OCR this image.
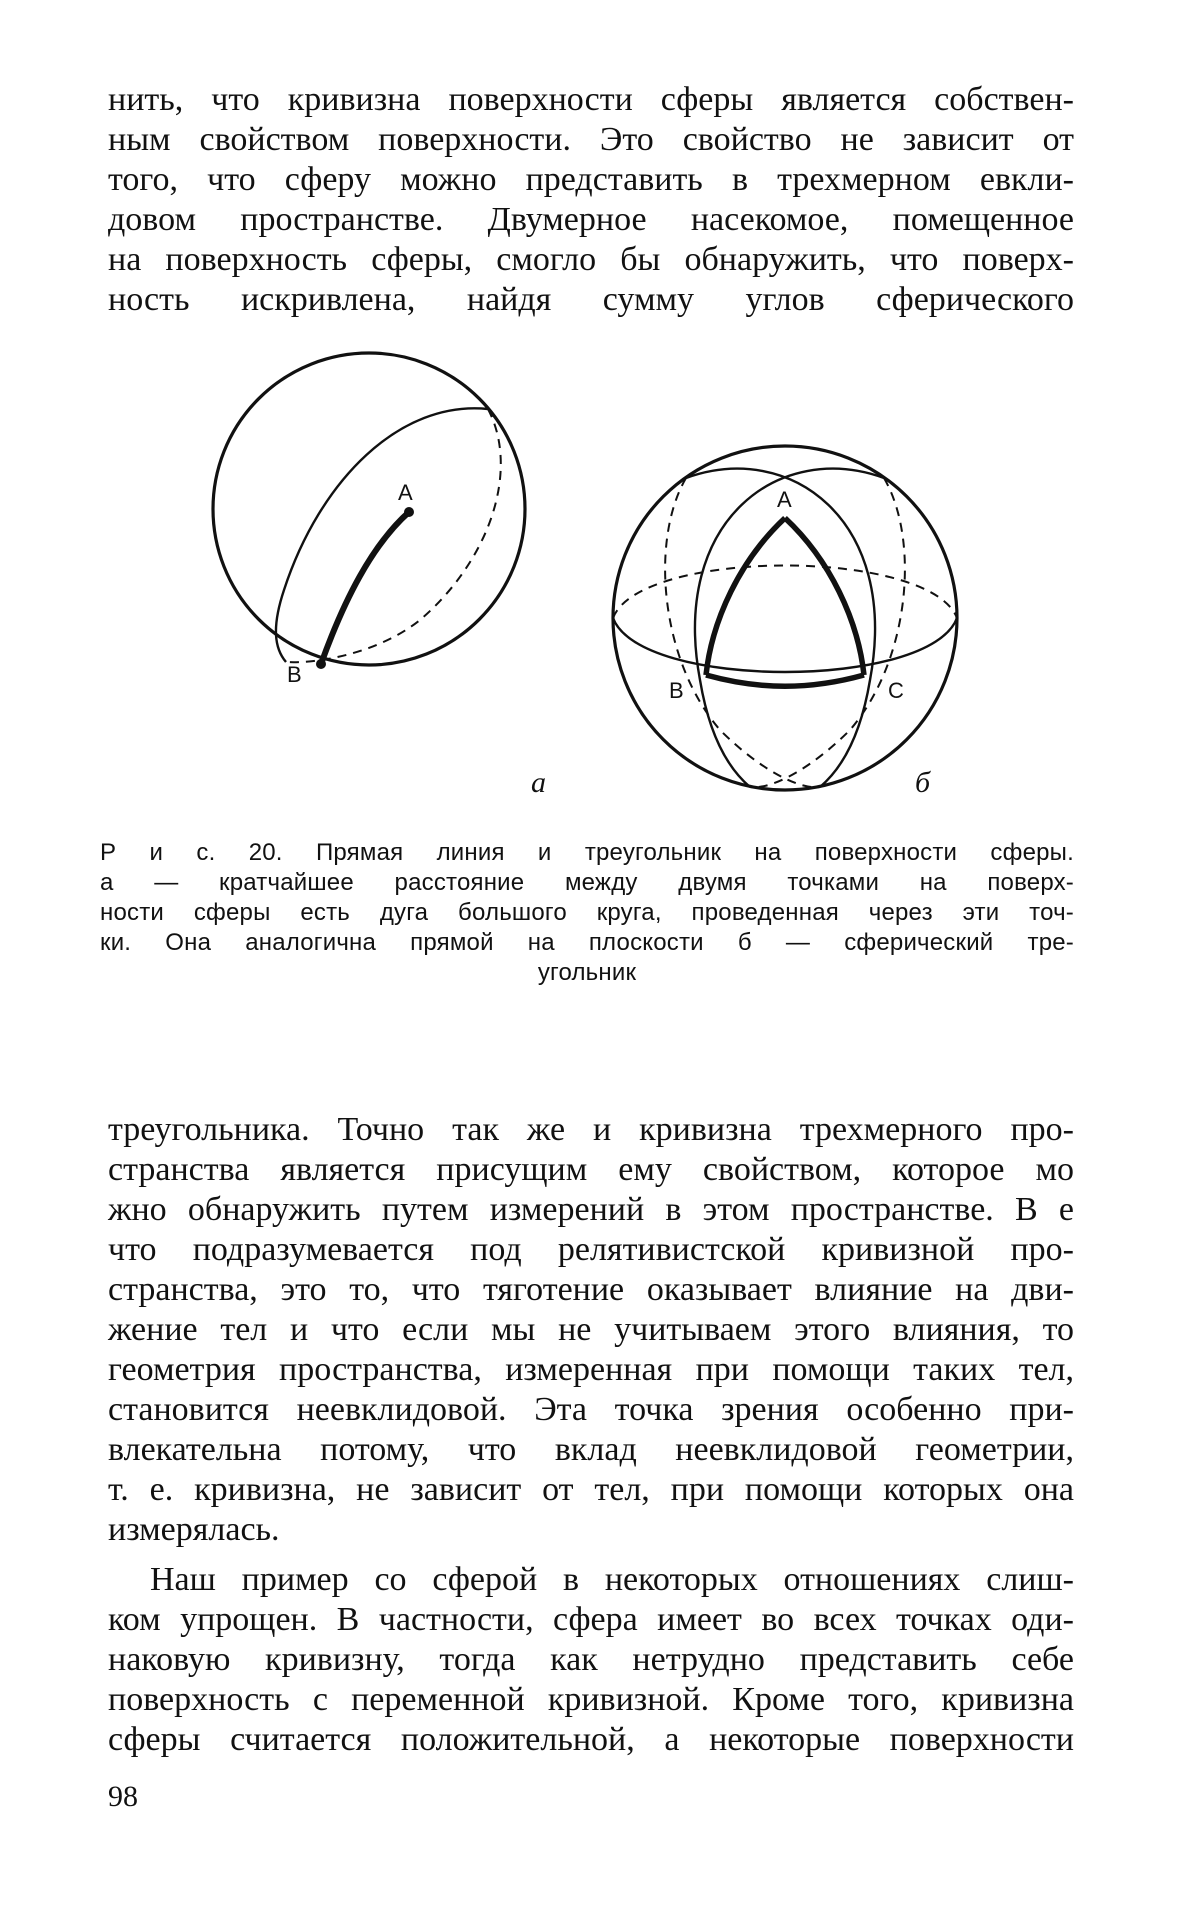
нить, что кривизна поверхности сферы является собствен-
ным свойством поверхности. Это свойство не зависит от
того, что сферу можно представить в трехмерном евкли-
довом пространстве. Двумерное насекомое, помещенное
на поверхность сферы, смогло бы обнаружить, что поверх-
ность искривлена, найдя сумму углов сферического
A
B
а
A
B	C
б
Р и с. 20. Прямая линия и треугольник на поверхности сферы.
а — кратчайшее расстояние между двумя точками на поверх-
ности сферы есть дуга большого круга, проведенная через эти точ-
ки. Она аналогична прямой на плоскости б — сферический тре-
угольник
треугольника. Точно так же и кривизна трехмерного про-
странства является присущим ему свойством, которое мо
жно обнаружить путем измерений в этом пространстве. В е
что подразумевается под релятивистской кривизной про-
странства, это то, что тяготение оказывает влияние на дви-
жение тел и что если мы не учитываем этого влияния, то
геометрия пространства, измеренная при помощи таких тел,
становится неевклидовой. Эта точка зрения особенно при-
влекательна потому, что вклад неевклидовой геометрии,
т. е. кривизна, не зависит от тел, при помощи которых она
измерялась.
Наш пример со сферой в некоторых отношениях слиш-
ком упрощен. В частности, сфера имеет во всех точках оди-
наковую кривизну, тогда как нетрудно представить себе
поверхность с переменной кривизной. Кроме того, кривизна
сферы считается положительной, а некоторые поверхности
98
